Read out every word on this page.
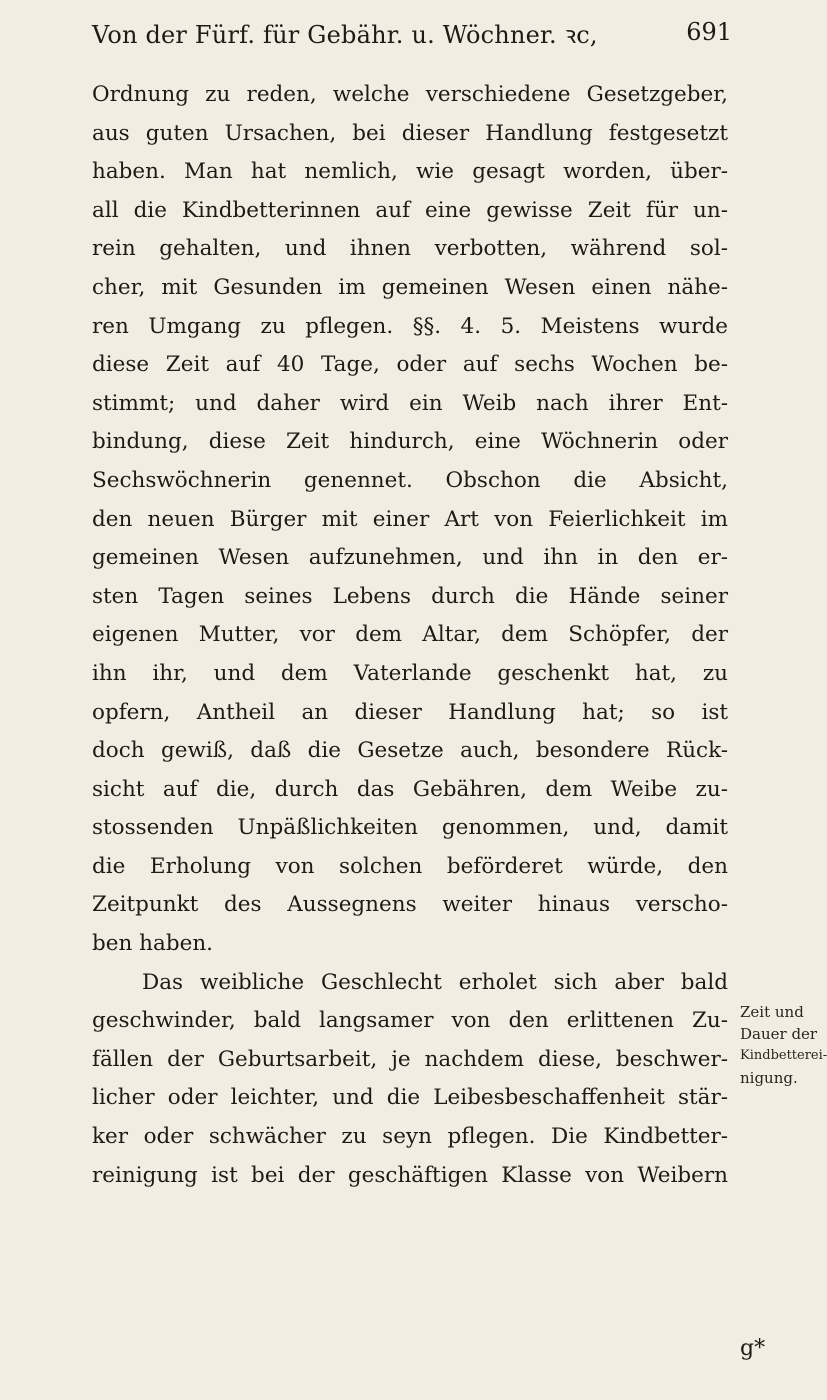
Von der Fürf. für Gebähr. u. Wöchner. ꝛc,	691
Ordnung zu reden, welche verschiedene Gesetzgeber,
aus guten Ursachen, bei dieser Handlung festgesetzt
haben. Man hat nemlich, wie gesagt worden, über-
all die Kindbetterinnen auf eine gewisse Zeit für un-
rein gehalten, und ihnen verbotten, während sol-
cher, mit Gesunden im gemeinen Wesen einen nähe-
ren Umgang zu pflegen. §§. 4. 5. Meistens wurde
diese Zeit auf 40 Tage, oder auf sechs Wochen be-
stimmt; und daher wird ein Weib nach ihrer Ent-
bindung, diese Zeit hindurch, eine Wöchnerin oder
Sechswöchnerin genennet. Obschon die Absicht,
den neuen Bürger mit einer Art von Feierlichkeit im
gemeinen Wesen aufzunehmen, und ihn in den er-
sten Tagen seines Lebens durch die Hände seiner
eigenen Mutter, vor dem Altar, dem Schöpfer, der
ihn ihr, und dem Vaterlande geschenkt hat, zu
opfern, Antheil an dieser Handlung hat; so ist
doch gewiß, daß die Gesetze auch, besondere Rück-
sicht auf die, durch das Gebähren, dem Weibe zu-
stossenden Unpäßlichkeiten genommen, und, damit
die Erholung von solchen beförderet würde, den
Zeitpunkt des Aussegnens weiter hinaus verscho-
ben haben.
Das weibliche Geschlecht erholet sich aber bald
geschwinder, bald langsamer von den erlittenen Zu-
fällen der Geburtsarbeit, je nachdem diese, beschwer-
licher oder leichter, und die Leibesbeschaffenheit stär-
ker oder schwächer zu seyn pflegen. Die Kindbetter-
reinigung ist bei der geschäftigen Klasse von Weibern
Zeit und
Dauer der
Kindbetterei-
nigung.
g*
